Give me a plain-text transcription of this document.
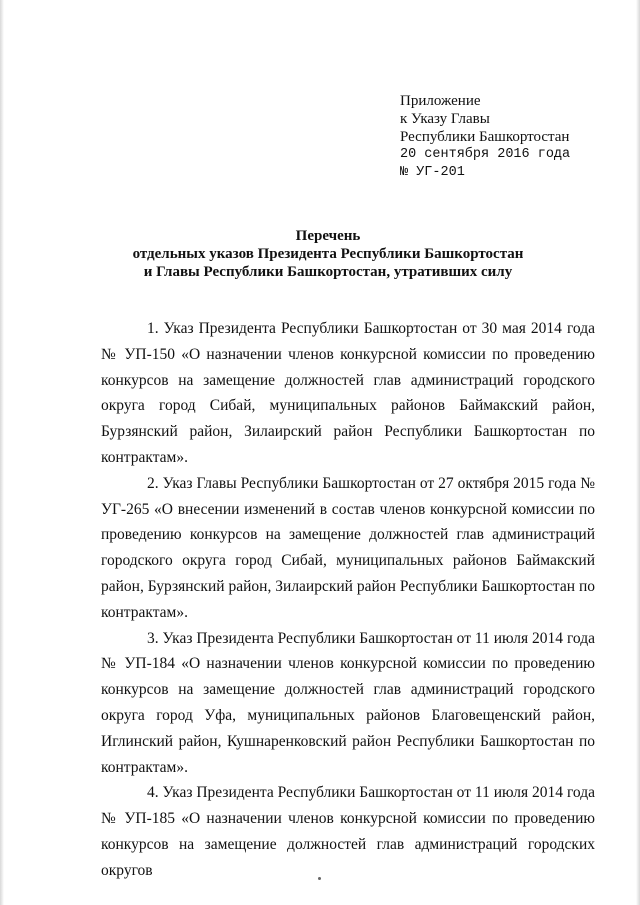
Приложение
к Указу Главы
Республики Башкортостан
20 сентября 2016 года
№ УГ-201
Перечень
отдельных указов Президента Республики Башкортостан
и Главы Республики Башкортостан, утративших силу

1. Указ Президента Республики Башкортостан от 30 мая 2014 года № УП-150 «О назначении членов конкурсной комиссии по проведению конкурсов на замещение должностей глав администраций городского округа город Сибай, муниципальных районов Баймакский район, Бурзянский район, Зилаирский район Республики Башкортостан по контрактам».

2. Указ Главы Республики Башкортостан от 27 октября 2015 года № УГ-265 «О внесении изменений в состав членов конкурсной комиссии по проведению конкурсов на замещение должностей глав администраций городского округа город Сибай, муниципальных районов Баймакский район, Бурзянский район, Зилаирский район Республики Башкортостан по контрактам».

3. Указ Президента Республики Башкортостан от 11 июля 2014 года № УП-184 «О назначении членов конкурсной комиссии по проведению конкурсов на замещение должностей глав администраций городского округа город Уфа, муниципальных районов Благовещенский район, Иглинский район, Кушнаренковский район Республики Башкортостан по контрактам».

4. Указ Президента Республики Башкортостан от 11 июля 2014 года № УП-185 «О назначении членов конкурсной комиссии по проведению конкурсов на замещение должностей глав администраций городских округов
